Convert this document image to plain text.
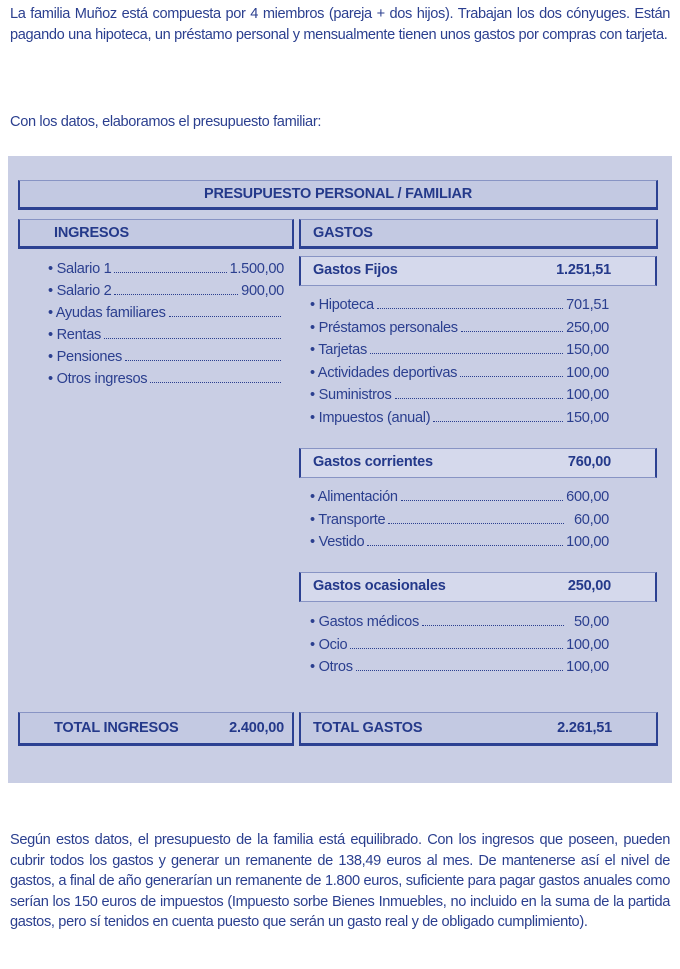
La familia Muñoz está compuesta por 4 miembros (pareja + dos hijos). Trabajan los dos cónyuges. Están pagando una hipoteca, un préstamo personal y mensualmente tienen unos gastos por compras con tarjeta.

Con los datos, elaboramos el presupuesto familiar:

PRESUPUESTO PERSONAL / FAMILIAR
INGRESOS	GASTOS
• Salario 1	1.500,00
• Salario 2	900,00
• Ayudas familiares
• Rentas
• Pensiones
• Otros ingresos
Gastos Fijos	1.251,51
• Hipoteca	701,51
• Préstamos personales	250,00
• Tarjetas	150,00
• Actividades deportivas	100,00
• Suministros	100,00
• Impuestos (anual)	150,00
Gastos corrientes	760,00
• Alimentación	600,00
• Transporte	60,00
• Vestido	100,00
Gastos ocasionales	250,00
• Gastos médicos	50,00
• Ocio	100,00
• Otros	100,00
TOTAL INGRESOS	2.400,00	TOTAL GASTOS	2.261,51

Según estos datos, el presupuesto de la familia está equilibrado. Con los ingresos que poseen, pueden cubrir todos los gastos y generar un remanente de 138,49 euros al mes. De mantenerse así el nivel de gastos, a final de año generarían un remanente de 1.800 euros, suficiente para pagar gastos anuales como serían los 150 euros de impuestos (Impuesto sorbe Bienes Inmuebles, no incluido en la suma de la partida gastos, pero sí tenidos en cuenta puesto que serán un gasto real y de obligado cumplimiento).
